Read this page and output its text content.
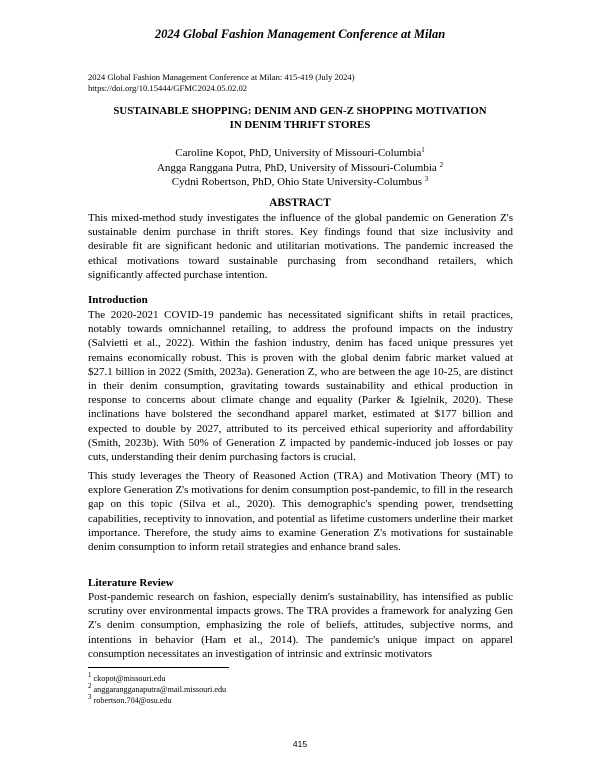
2024 Global Fashion Management Conference at Milan
2024 Global Fashion Management Conference at Milan: 415-419 (July 2024)
https://doi.org/10.15444/GFMC2024.05.02.02
SUSTAINABLE SHOPPING: DENIM AND GEN-Z SHOPPING MOTIVATION
IN DENIM THRIFT STORES
Caroline Kopot, PhD, University of Missouri-Columbia$^1$
Angga Ranggana Putra, PhD, University of Missouri-Columbia $^2$
Cydni Robertson, PhD, Ohio State University-Columbus $^3$
ABSTRACT

This mixed-method study investigates the influence of the global pandemic on Generation Z's sustainable denim purchase in thrift stores. Key findings found that size inclusivity and desirable fit are significant hedonic and utilitarian motivations. The pandemic increased the ethical motivations toward sustainable purchasing from secondhand retailers, which significantly affected purchase intention.

Introduction

The 2020-2021 COVID-19 pandemic has necessitated significant shifts in retail practices, notably towards omnichannel retailing, to address the profound impacts on the industry (Salvietti et al., 2022). Within the fashion industry, denim has faced unique pressures yet remains economically robust. This is proven with the global denim fabric market valued at $27.1 billion in 2022 (Smith, 2023a). Generation Z, who are between the age 10-25, are distinct in their denim consumption, gravitating towards sustainability and ethical production in response to concerns about climate change and equality (Parker & Igielnik, 2020). These inclinations have bolstered the secondhand apparel market, estimated at $177 billion and expected to double by 2027, attributed to its perceived ethical superiority and affordability (Smith, 2023b). With 50% of Generation Z impacted by pandemic-induced job losses or pay cuts, understanding their denim purchasing factors is crucial.

This study leverages the Theory of Reasoned Action (TRA) and Motivation Theory (MT) to explore Generation Z's motivations for denim consumption post-pandemic, to fill in the research gap on this topic (Silva et al., 2020). This demographic's spending power, trendsetting capabilities, receptivity to innovation, and potential as lifetime customers underline their market importance. Therefore, the study aims to examine Generation Z's motivations for sustainable denim consumption to inform retail strategies and enhance brand sales.

Literature Review

Post-pandemic research on fashion, especially denim's sustainability, has intensified as public scrutiny over environmental impacts grows. The TRA provides a framework for analyzing Gen Z's denim consumption, emphasizing the role of beliefs, attitudes, subjective norms, and intentions in behavior (Ham et al., 2014). The pandemic's unique impact on apparel consumption necessitates an investigation of intrinsic and extrinsic motivators

$^1$ ckopot@missouri.edu
$^2$ anggarangganaputra@mail.missouri.edu
$^3$ robertson.704@osu.edu
415
